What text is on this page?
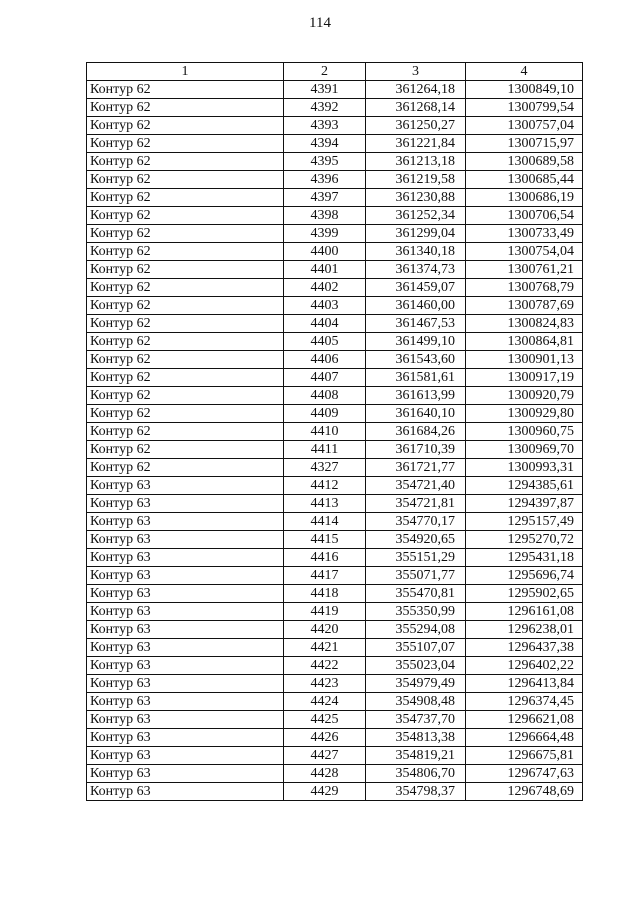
114
1	2	3	4
Контур 62	4391	361264,18	1300849,10
Контур 62	4392	361268,14	1300799,54
Контур 62	4393	361250,27	1300757,04
Контур 62	4394	361221,84	1300715,97
Контур 62	4395	361213,18	1300689,58
Контур 62	4396	361219,58	1300685,44
Контур 62	4397	361230,88	1300686,19
Контур 62	4398	361252,34	1300706,54
Контур 62	4399	361299,04	1300733,49
Контур 62	4400	361340,18	1300754,04
Контур 62	4401	361374,73	1300761,21
Контур 62	4402	361459,07	1300768,79
Контур 62	4403	361460,00	1300787,69
Контур 62	4404	361467,53	1300824,83
Контур 62	4405	361499,10	1300864,81
Контур 62	4406	361543,60	1300901,13
Контур 62	4407	361581,61	1300917,19
Контур 62	4408	361613,99	1300920,79
Контур 62	4409	361640,10	1300929,80
Контур 62	4410	361684,26	1300960,75
Контур 62	4411	361710,39	1300969,70
Контур 62	4327	361721,77	1300993,31
Контур 63	4412	354721,40	1294385,61
Контур 63	4413	354721,81	1294397,87
Контур 63	4414	354770,17	1295157,49
Контур 63	4415	354920,65	1295270,72
Контур 63	4416	355151,29	1295431,18
Контур 63	4417	355071,77	1295696,74
Контур 63	4418	355470,81	1295902,65
Контур 63	4419	355350,99	1296161,08
Контур 63	4420	355294,08	1296238,01
Контур 63	4421	355107,07	1296437,38
Контур 63	4422	355023,04	1296402,22
Контур 63	4423	354979,49	1296413,84
Контур 63	4424	354908,48	1296374,45
Контур 63	4425	354737,70	1296621,08
Контур 63	4426	354813,38	1296664,48
Контур 63	4427	354819,21	1296675,81
Контур 63	4428	354806,70	1296747,63
Контур 63	4429	354798,37	1296748,69
